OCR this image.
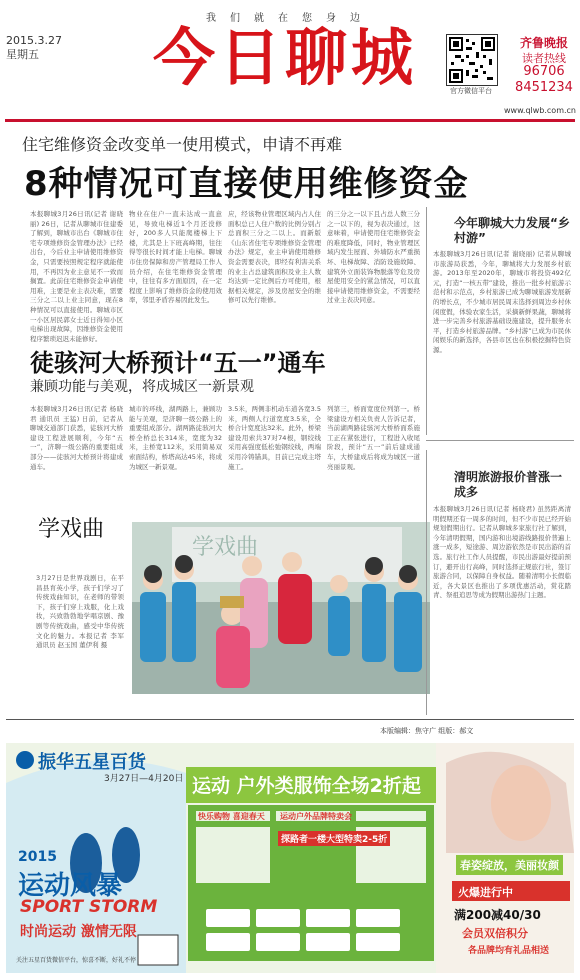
我们就在您身边
2015.3.27
星期五	今日聊城	官方微信平台
齐鲁晚报
读者热线
96706
8451234
www.qlwb.com.cn
住宅维修资金改变单一使用模式，申请不再难
8种情况可直接使用维修资金
本报聊城3月26日讯(记者 谢晓丽) 26日，记者从聊城市住建委了解到，聊城市出台《聊城市住宅专项维修资金管理办法》已经出台，今后业主申请使用维修资金，只需要按照规定程序就能使用，不再因为业主意见不一致而搁置。此前住宅维修资金申请使用难，主要是业主表决难，需要三分之二以上业主同意，现在8种情况可以直接使用。聊城市区一小区居民郭女士近日得知小区电梯出现故障，因维修资金使用程序繁琐迟迟未能修好。
物业在住户一直未达成一直意见，导致电梯近1个月还没修好，200多人只能爬楼梯上下楼，尤其是上下班高峰期，往往得等很长时间才能上电梯。聊城市住房保障和房产管理局工作人员介绍，在住宅维修资金管理中，往往有多方面原因，在一定程度上影响了维修资金的使用效率，邻里矛盾容易因此发生。
应，经该物业管理区域内占人住面积总已人住户数的比例分别占总面积三分之二以上。而新版《山东省住宅专项维修资金管理办法》规定，业主申请使用维修资金需要表决，即经有利害关系的业主占总建筑面积及业主人数均达到一定比例后方可使用，根据相关规定，涉及房屋安全的维修可以先行维修。
的三分之一以下且占总人数三分之一以下的，视为表决通过，这意味着，申请使用住宅维修资金的难度降低，同时，物业管理区域内发生屋面、外墙防水严重损坏、电梯故障、消防设施故障、建筑外立面装饰物脱落等危及房屋使用安全的紧急情况，可以直接申请使用维修资金，不需要经过业主表决同意。
今年聊城大力发展“乡村游”
本报聊城3月26日讯(记者 谢晓丽) 记者从聊城市旅游局获悉，今年，聊城将大力发展乡村旅游。2013年至2020年，聊城市将投资492亿元，打造“一核五带”建设，推出一批乡村旅游示范村和示范点，乡村旅游已成为聊城旅游发展新的增长点，不少城市居民周末选择到周边乡村休闲度假，体验农家生活，采摘新鲜果蔬，聊城将进一步完善乡村旅游基础设施建设，提升服务水平，打造乡村旅游品牌。“乡村游”已成为市民休闲娱乐的新选择，各县市区也在积极挖掘特色资源。
徒骇河大桥预计“五一”通车
兼顾功能与美观，将成城区一新景观
本报聊城3月26日讯(记者 杨晓君 通讯员 王猛) 日前，记者从聊城交通部门获悉，徒骇河大桥建设工程进展顺利，今年“五一”，济聊一级公路的重要组成部分——徒骇河大桥预计将建成通车。
城市的环线，湖两路上，兼顾功能与美观，是济聊一级公路上的重要组成部分。湖两路徒骇河大桥全桥总长314米，宽度为32米，主桥宽112米，采用简易双索面结构，桥塔高达45米，将成为城区一新景观。
3.5米，两侧非机动车道各宽3.5米，两侧人行道宽度3.5米，全桥合计宽度达32米。此外，桥梁建设用索共37对74根，钢绞线采用高强度低松弛钢绞线，两端采用冷铸锚具，目前已完成主塔施工。
列第三，桥面宽度位列第一。桥梁建设方相关负责人告诉记者，当前湖两路徒骇河大桥桥面系施工正在紧张进行，工程进入收尾阶段，预计“五一”前后建成通车，大桥建成后将成为城区一道亮丽景观。
学戏曲
3月27日是世界戏剧日，在平昌县育英小学，孩子们学习了传统戏曲知识，在老师的带领下，孩子们穿上戏服，化上戏妆，兴致勃勃地学唱京剧、豫剧等传统戏曲，感受中华传统文化的魅力。本报记者 李军 通讯员 赵玉国 董伊利 摄
学戏曲
清明旅游报价普涨一成多
本报聊城3月26日讯(记者 杨晓君) 虽然距离清明假期还有一周多的时间，但不少市民已经开始规划假期出行。记者从聊城多家旅行社了解到，今年清明假期，国内游和出境游线路报价普遍上涨一成多，短途游、周边游依然是市民出游的首选。旅行社工作人员提醒，市民出游最好提前预订，避开出行高峰，同时选择正规旅行社，签订旅游合同，以保障自身权益。随着清明小长假临近，各大景区也推出了多项优惠活动，赏花踏青、祭祖追思等成为假期出游热门主题。
本版编辑：焦守广 组版：郝文
振华五星百货
3月27日—4月20日
2015
运动风暴
SPORT STORM
时尚运动 激情无限
关注五星百货微信平台，惊喜不断，好礼不停
运动 户外类服饰全场2折起
快乐购物 喜迎春天 运动户外品牌特卖会
探路者一楼大型特卖2-5折
春姿绽放，美丽妆颜
火爆进行中
满200减40/30
会员双倍积分
各品牌均有礼品相送
